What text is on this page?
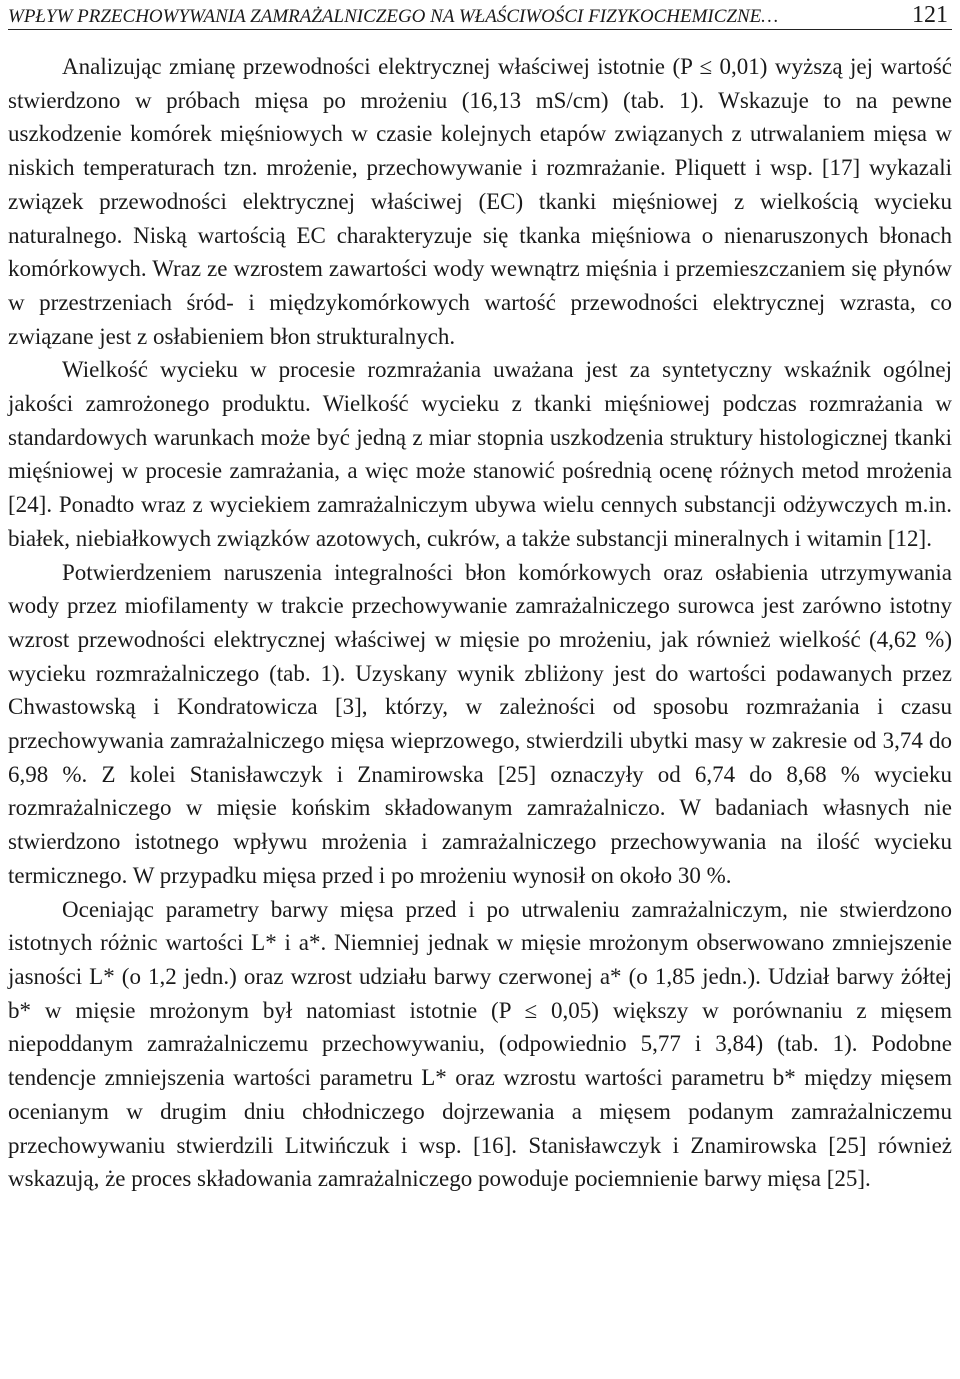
WPŁYW PRZECHOWYWANIA ZAMRAŻALNICZEGO NA WŁAŚCIWOŚCI FIZYKOCHEMICZNE…	121

Analizując zmianę przewodności elektrycznej właściwej istotnie (P ≤ 0,01) wyższą jej wartość stwierdzono w próbach mięsa po mrożeniu (16,13 mS/cm) (tab. 1). Wskazuje to na pewne uszkodzenie komórek mięśniowych w czasie kolejnych etapów związanych z utrwalaniem mięsa w niskich temperaturach tzn. mrożenie, przechowywanie i rozmrażanie. Pliquett i wsp. [17] wykazali związek przewodności elektrycznej właściwej (EC) tkanki mięśniowej z wielkością wycieku naturalnego. Niską wartością EC charakteryzuje się tkanka mięśniowa o nienaruszonych błonach komórkowych. Wraz ze wzrostem zawartości wody wewnątrz mięśnia i przemieszczaniem się płynów w przestrzeniach śród- i międzykomórkowych wartość przewodności elektrycznej wzrasta, co związane jest z osłabieniem błon strukturalnych.

Wielkość wycieku w procesie rozmrażania uważana jest za syntetyczny wskaźnik ogólnej jakości zamrożonego produktu. Wielkość wycieku z tkanki mięśniowej podczas rozmrażania w standardowych warunkach może być jedną z miar stopnia uszkodzenia struktury histologicznej tkanki mięśniowej w procesie zamrażania, a więc może stanowić pośrednią ocenę różnych metod mrożenia [24]. Ponadto wraz z wyciekiem zamrażalniczym ubywa wielu cennych substancji odżywczych m.in. białek, niebiałkowych związków azotowych, cukrów, a także substancji mineralnych i witamin [12].

Potwierdzeniem naruszenia integralności błon komórkowych oraz osłabienia utrzymywania wody przez miofilamenty w trakcie przechowywanie zamrażalniczego surowca jest zarówno istotny wzrost przewodności elektrycznej właściwej w mięsie po mrożeniu, jak również wielkość (4,62 %) wycieku rozmrażalniczego (tab. 1). Uzyskany wynik zbliżony jest do wartości podawanych przez Chwastowską i Kondratowicza [3], którzy, w zależności od sposobu rozmrażania i czasu przechowywania zamrażalniczego mięsa wieprzowego, stwierdzili ubytki masy w zakresie od 3,74 do 6,98 %. Z kolei Stanisławczyk i Znamirowska [25] oznaczyły od 6,74 do 8,68 % wycieku rozmrażalniczego w mięsie końskim składowanym zamrażalniczo. W badaniach własnych nie stwierdzono istotnego wpływu mrożenia i zamrażalniczego przechowywania na ilość wycieku termicznego. W przypadku mięsa przed i po mrożeniu wynosił on około 30 %.

Oceniając parametry barwy mięsa przed i po utrwaleniu zamrażalniczym, nie stwierdzono istotnych różnic wartości L* i a*. Niemniej jednak w mięsie mrożonym obserwowano zmniejszenie jasności L* (o 1,2 jedn.) oraz wzrost udziału barwy czerwonej a* (o 1,85 jedn.). Udział barwy żółtej b* w mięsie mrożonym był natomiast istotnie (P ≤ 0,05) większy w porównaniu z mięsem niepoddanym zamrażalniczemu przechowywaniu, (odpowiednio 5,77 i 3,84) (tab. 1). Podobne tendencje zmniejszenia wartości parametru L* oraz wzrostu wartości parametru b* między mięsem ocenianym w drugim dniu chłodniczego dojrzewania a mięsem podanym zamrażalniczemu przechowywaniu stwierdzili Litwińczuk i wsp. [16]. Stanisławczyk i Znamirowska [25] również wskazują, że proces składowania zamrażalniczego powoduje pociemnienie barwy mięsa [25].
